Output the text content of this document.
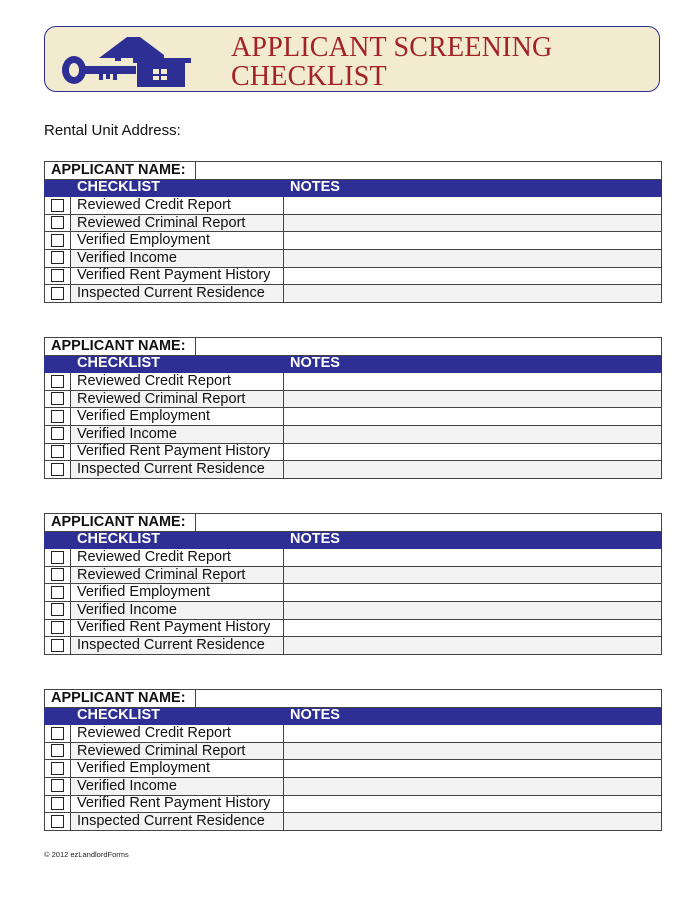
APPLICANT SCREENING
CHECKLIST
Rental Unit Address:
APPLICANT NAME:			
CHECKLIST			NOTES
	Reviewed Credit Report		
	Reviewed Criminal Report		
	Verified Employment		
	Verified Income		
	Verified Rent Payment History		
	Inspected Current Residence		
APPLICANT NAME:			
CHECKLIST			NOTES
	Reviewed Credit Report		
	Reviewed Criminal Report		
	Verified Employment		
	Verified Income		
	Verified Rent Payment History		
	Inspected Current Residence		
APPLICANT NAME:			
CHECKLIST			NOTES
	Reviewed Credit Report		
	Reviewed Criminal Report		
	Verified Employment		
	Verified Income		
	Verified Rent Payment History		
	Inspected Current Residence		
APPLICANT NAME:			
CHECKLIST			NOTES
	Reviewed Credit Report		
	Reviewed Criminal Report		
	Verified Employment		
	Verified Income		
	Verified Rent Payment History		
	Inspected Current Residence		
© 2012 ezLandlordForms
